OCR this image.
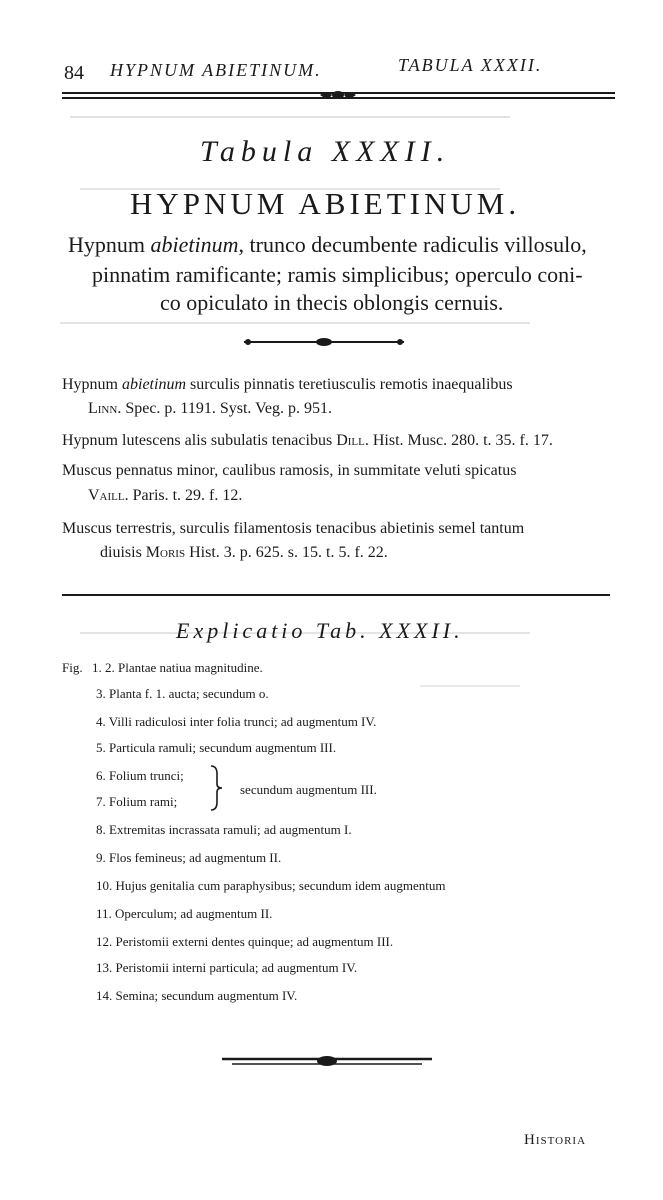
84 HYPNUM ABIETINUM.	TABULA XXXII.
Tabula XXXII.
HYPNUM ABIETINUM.
Hypnum abietinum, trunco decumbente radiculis villosulo,
pinnatim ramificante; ramis simplicibus; operculo coni-
co opiculato in thecis oblongis cernuis.
Hypnum abietinum surculis pinnatis teretiusculis remotis inaequalibus
Linn. Spec. p. 1191. Syst. Veg. p. 951.
Hypnum lutescens alis subulatis tenacibus Dill. Hist. Musc. 280. t. 35. f. 17.
Muscus pennatus minor, caulibus ramosis, in summitate veluti spicatus
Vaill. Paris. t. 29. f. 12.
Muscus terrestris, surculis filamentosis tenacibus abietinis semel tantum
diuisis Moris Hist. 3. p. 625. s. 15. t. 5. f. 22.
Explicatio Tab. XXXII.
Fig. 1. 2. Plantae natiua magnitudine.
3. Planta f. 1. aucta; secundum o.
4. Villi radiculosi inter folia trunci; ad augmentum IV.
5. Particula ramuli; secundum augmentum III.
6. Folium trunci;
7. Folium rami;
secundum augmentum III.
8. Extremitas incrassata ramuli; ad augmentum I.
9. Flos femineus; ad augmentum II.
10. Hujus genitalia cum paraphysibus; secundum idem augmentum
11. Operculum; ad augmentum II.
12. Peristomii externi dentes quinque; ad augmentum III.
13. Peristomii interni particula; ad augmentum IV.
14. Semina; secundum augmentum IV.
Historia
